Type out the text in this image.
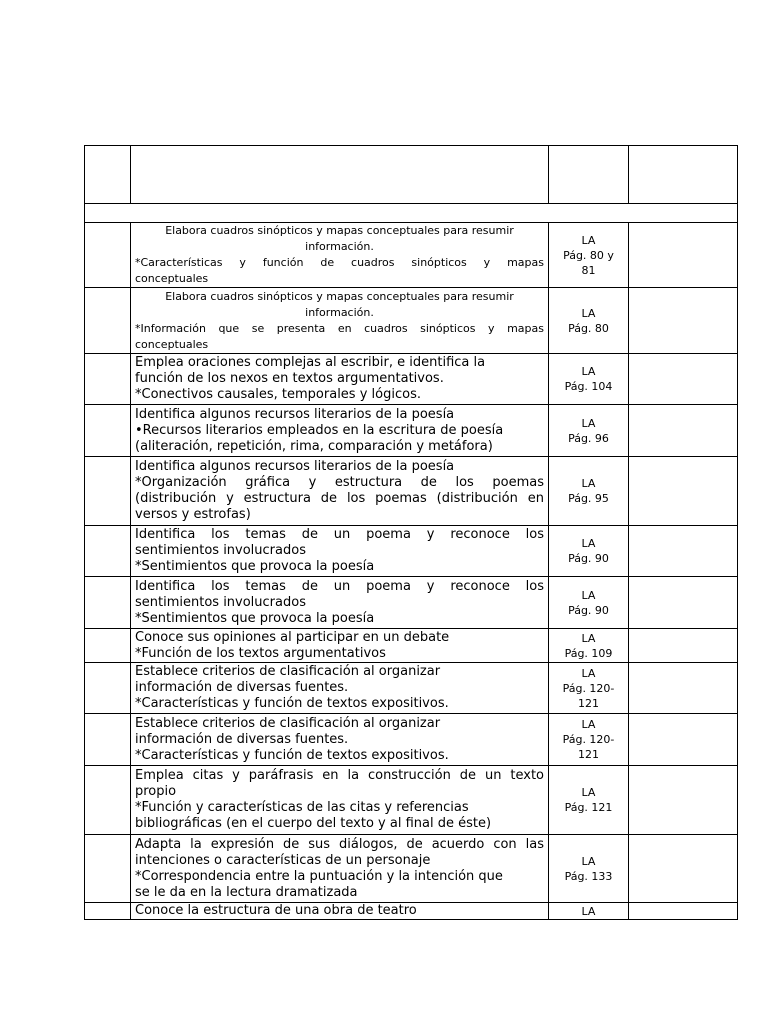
	Elabora cuadros sinópticos y mapas conceptuales para resumir
información.
*Características y función de cuadros sinópticos y mapas
conceptuales	LA
Pág. 80 y
81	

	Elabora cuadros sinópticos y mapas conceptuales para resumir
información.
*Información que se presenta en cuadros sinópticos y mapas
conceptuales	LA
Pág. 80	

	Emplea oraciones complejas al escribir, e identifica la
función de los nexos en textos argumentativos.
*Conectivos causales, temporales y lógicos.	LA
Pág. 104	

	Identifica algunos recursos literarios de la poesía
•Recursos literarios empleados en la escritura de poesía
(aliteración, repetición, rima, comparación y metáfora)	LA
Pág. 96	

	Identifica algunos recursos literarios de la poesía
*Organización gráfica y estructura de los poemas
(distribución y estructura de los poemas (distribución en
versos y estrofas)	LA
Pág. 95	

	Identifica los temas de un poema y reconoce los
sentimientos involucrados
*Sentimientos que provoca la poesía	LA
Pág. 90	

	Identifica los temas de un poema y reconoce los
sentimientos involucrados
*Sentimientos que provoca la poesía	LA
Pág. 90	

	Conoce sus opiniones al participar en un debate
*Función de los textos argumentativos	LA
Pág. 109	

	Establece criterios de clasificación al organizar
información de diversas fuentes.
*Características y función de textos expositivos.	LA
Pág. 120-
121	

	Establece criterios de clasificación al organizar
información de diversas fuentes.
*Características y función de textos expositivos.	LA
Pág. 120-
121	

	Emplea citas y paráfrasis en la construcción de un texto
propio
*Función y características de las citas y referencias
bibliográficas (en el cuerpo del texto y al final de éste)	LA
Pág. 121	

	Adapta la expresión de sus diálogos, de acuerdo con las
intenciones o características de un personaje
*Correspondencia entre la puntuación y la intención que
se le da en la lectura dramatizada	LA
Pág. 133	

	Conoce la estructura de una obra de teatro	LA	
